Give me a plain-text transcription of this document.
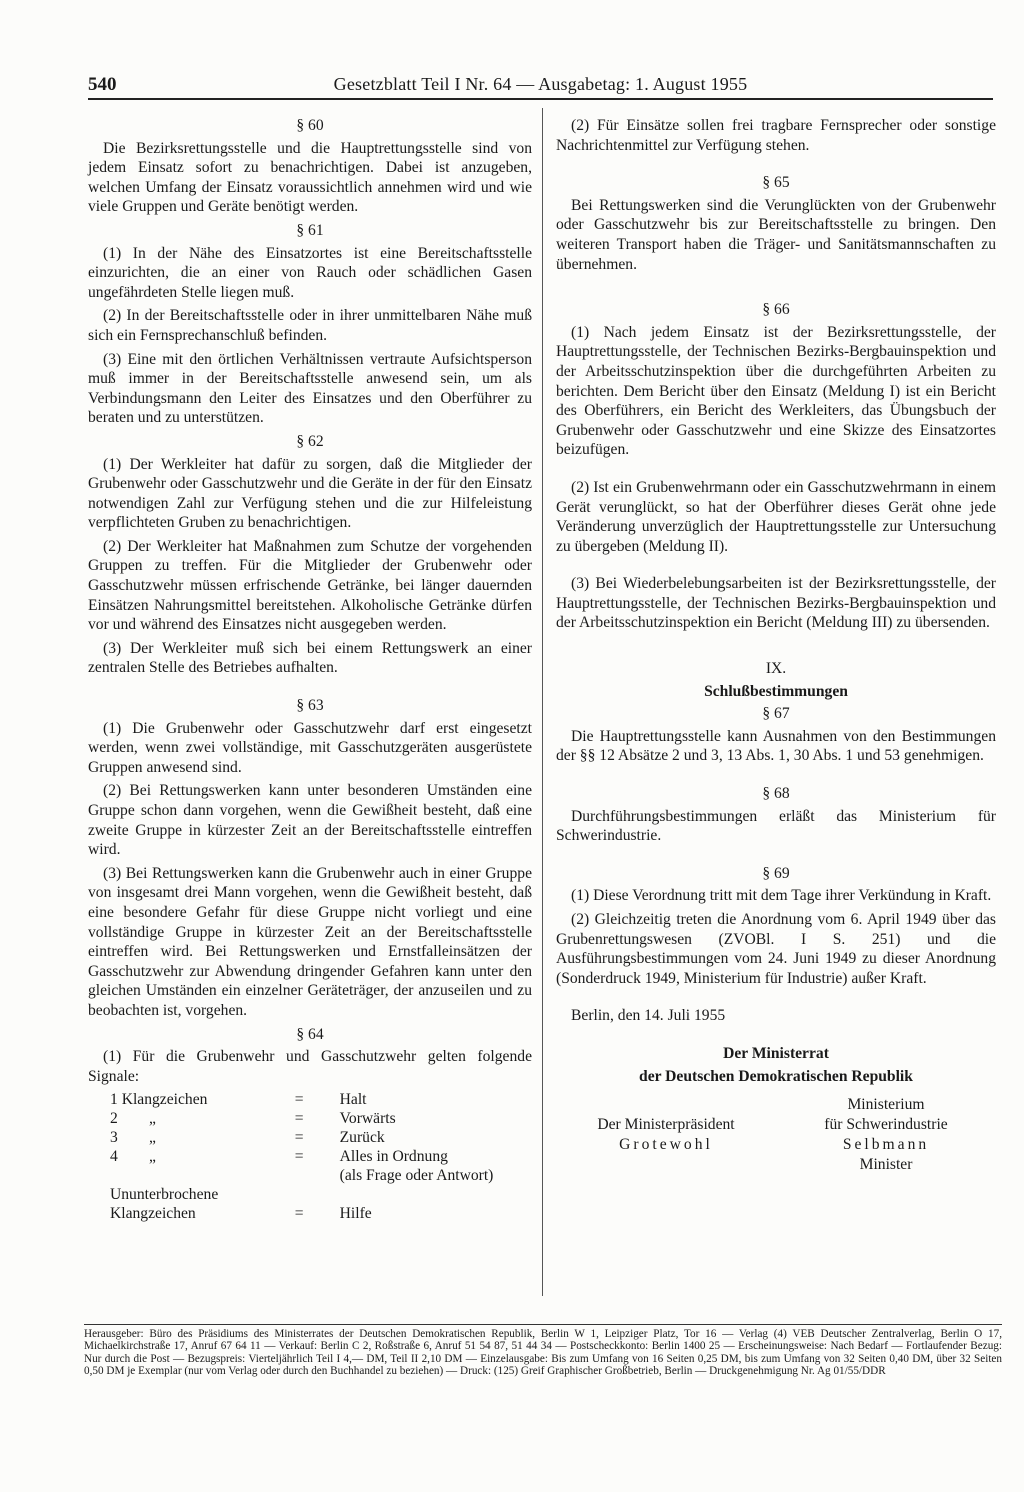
540	Gesetzblatt Teil I Nr. 64 — Ausgabetag: 1. August 1955
§ 60

Die Bezirksrettungsstelle und die Hauptrettungsstelle sind von jedem Einsatz sofort zu benachrichtigen. Dabei ist anzugeben, welchen Umfang der Einsatz voraussichtlich annehmen wird und wie viele Gruppen und Geräte benötigt werden.

§ 61

(1) In der Nähe des Einsatzortes ist eine Bereitschaftsstelle einzurichten, die an einer von Rauch oder schädlichen Gasen ungefährdeten Stelle liegen muß.

(2) In der Bereitschaftsstelle oder in ihrer unmittelbaren Nähe muß sich ein Fernsprechanschluß befinden.

(3) Eine mit den örtlichen Verhältnissen vertraute Aufsichtsperson muß immer in der Bereitschaftsstelle anwesend sein, um als Verbindungsmann den Leiter des Einsatzes und den Oberführer zu beraten und zu unterstützen.

§ 62

(1) Der Werkleiter hat dafür zu sorgen, daß die Mitglieder der Grubenwehr oder Gasschutzwehr und die Geräte in der für den Einsatz notwendigen Zahl zur Verfügung stehen und die zur Hilfeleistung verpflichteten Gruben zu benachrichtigen.

(2) Der Werkleiter hat Maßnahmen zum Schutze der vorgehenden Gruppen zu treffen. Für die Mitglieder der Grubenwehr oder Gasschutzwehr müssen erfrischende Getränke, bei länger dauernden Einsätzen Nahrungsmittel bereitstehen. Alkoholische Getränke dürfen vor und während des Einsatzes nicht ausgegeben werden.

(3) Der Werkleiter muß sich bei einem Rettungswerk an einer zentralen Stelle des Betriebes aufhalten.

§ 63

(1) Die Grubenwehr oder Gasschutzwehr darf erst eingesetzt werden, wenn zwei vollständige, mit Gasschutzgeräten ausgerüstete Gruppen anwesend sind.

(2) Bei Rettungswerken kann unter besonderen Umständen eine Gruppe schon dann vorgehen, wenn die Gewißheit besteht, daß eine zweite Gruppe in kürzester Zeit an der Bereitschaftsstelle eintreffen wird.

(3) Bei Rettungswerken kann die Grubenwehr auch in einer Gruppe von insgesamt drei Mann vorgehen, wenn die Gewißheit besteht, daß eine besondere Gefahr für diese Gruppe nicht vorliegt und eine vollständige Gruppe in kürzester Zeit an der Bereitschaftsstelle eintreffen wird. Bei Rettungswerken und Ernstfalleinsätzen der Gasschutzwehr zur Abwendung dringender Gefahren kann unter den gleichen Umständen ein einzelner Geräteträger, der anzuseilen und zu beobachten ist, vorgehen.

§ 64

(1) Für die Grubenwehr und Gasschutzwehr gelten folgende Signale:

1 Klangzeichen	=	Halt
2        „	=	Vorwärts
3        „	=	Zurück
4        „	=	Alles in Ordnung
		(als Frage oder Antwort)
Ununterbrochene		
Klangzeichen	=	Hilfe

(2) Für Einsätze sollen frei tragbare Fernsprecher oder sonstige Nachrichtenmittel zur Verfügung stehen.

§ 65

Bei Rettungswerken sind die Verunglückten von der Grubenwehr oder Gasschutzwehr bis zur Bereitschaftsstelle zu bringen. Den weiteren Transport haben die Träger- und Sanitätsmannschaften zu übernehmen.

§ 66

(1) Nach jedem Einsatz ist der Bezirksrettungsstelle, der Hauptrettungsstelle, der Technischen Bezirks-Bergbauinspektion und der Arbeitsschutzinspektion über die durchgeführten Arbeiten zu berichten. Dem Bericht über den Einsatz (Meldung I) ist ein Bericht des Oberführers, ein Bericht des Werkleiters, das Übungsbuch der Grubenwehr oder Gasschutzwehr und eine Skizze des Einsatzortes beizufügen.

(2) Ist ein Grubenwehrmann oder ein Gasschutzwehrmann in einem Gerät verunglückt, so hat der Oberführer dieses Gerät ohne jede Veränderung unverzüglich der Hauptrettungsstelle zur Untersuchung zu übergeben (Meldung II).

(3) Bei Wiederbelebungsarbeiten ist der Bezirksrettungsstelle, der Hauptrettungsstelle, der Technischen Bezirks-Bergbauinspektion und der Arbeitsschutzinspektion ein Bericht (Meldung III) zu übersenden.

IX.
Schlußbestimmungen
§ 67

Die Hauptrettungsstelle kann Ausnahmen von den Bestimmungen der §§ 12 Absätze 2 und 3, 13 Abs. 1, 30 Abs. 1 und 53 genehmigen.

§ 68

Durchführungsbestimmungen erläßt das Ministerium für Schwerindustrie.

§ 69

(1) Diese Verordnung tritt mit dem Tage ihrer Verkündung in Kraft.

(2) Gleichzeitig treten die Anordnung vom 6. April 1949 über das Grubenrettungswesen (ZVOBl. I S. 251) und die Ausführungsbestimmungen vom 24. Juni 1949 zu dieser Anordnung (Sonderdruck 1949, Ministerium für Industrie) außer Kraft.

Berlin, den 14. Juli 1955

Der Ministerrat
der Deutschen Demokratischen Republik
Der Ministerpräsident
Grotewohl

Ministerium
für Schwerindustrie
Selbmann
Minister
Herausgeber: Büro des Präsidiums des Ministerrates der Deutschen Demokratischen Republik, Berlin W 1, Leipziger Platz, Tor 16 — Verlag (4) VEB Deutscher Zentralverlag, Berlin O 17, Michaelkirchstraße 17, Anruf 67 64 11 — Verkauf: Berlin C 2, Roßstraße 6, Anruf 51 54 87, 51 44 34 — Postscheckkonto: Berlin 1400 25 — Erscheinungsweise: Nach Bedarf — Fortlaufender Bezug: Nur durch die Post — Bezugspreis: Vierteljährlich Teil I 4,— DM, Teil II 2,10 DM — Einzelausgabe: Bis zum Umfang von 16 Seiten 0,25 DM, bis zum Umfang von 32 Seiten 0,40 DM, über 32 Seiten 0,50 DM je Exemplar (nur vom Verlag oder durch den Buchhandel zu beziehen) — Druck: (125) Greif Graphischer Großbetrieb, Berlin — Druckgenehmigung Nr. Ag 01/55/DDR
